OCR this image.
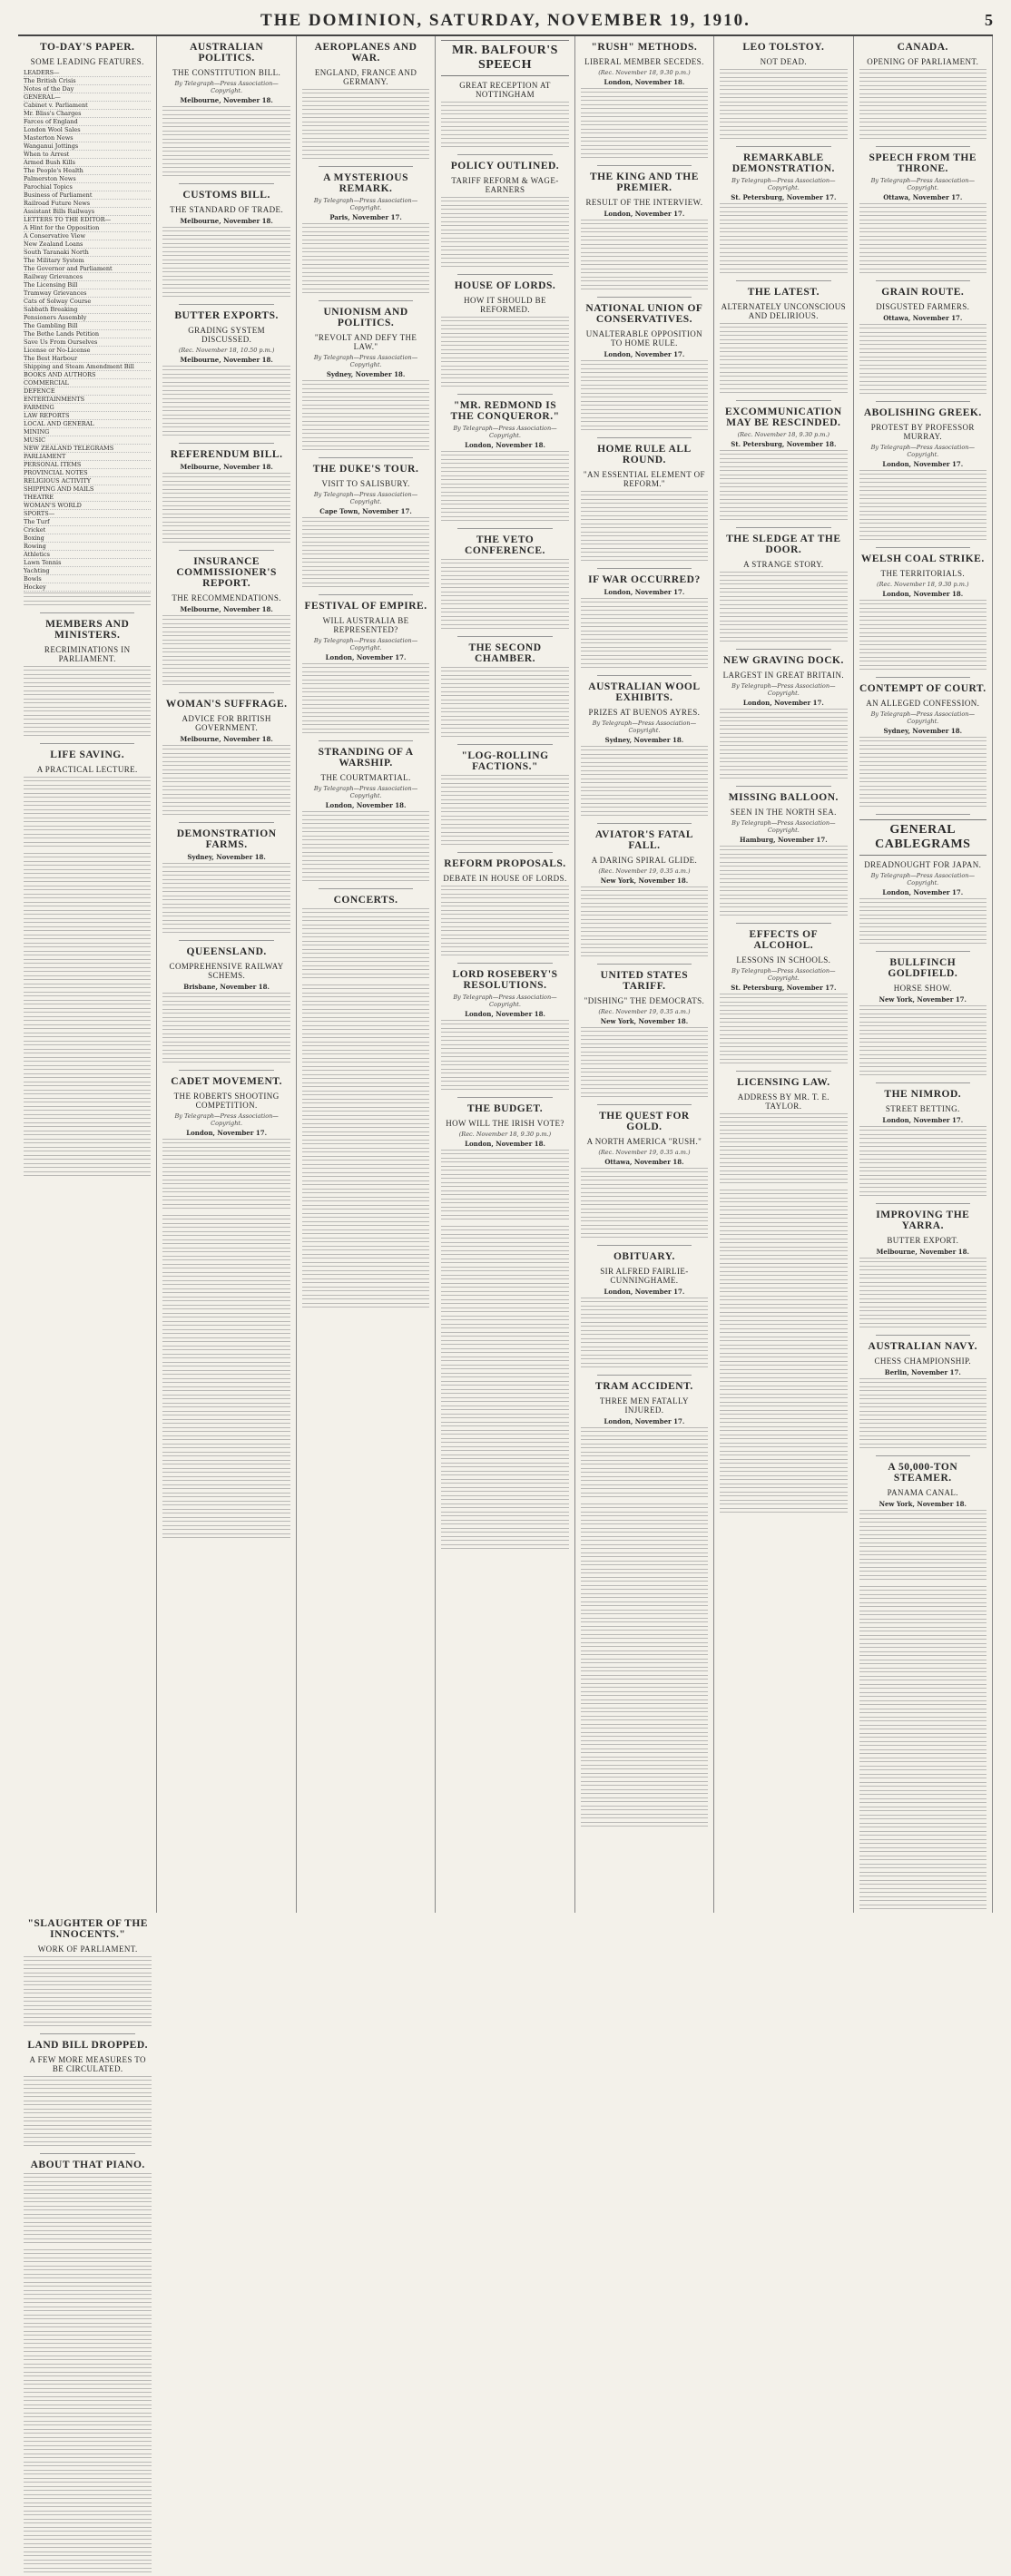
THE DOMINION, SATURDAY, NOVEMBER 19, 1910.	5
TO-DAY'S PAPER.
SOME LEADING FEATURES.
LEADERS—
The British Crisis
Notes of the Day
GENERAL—
Cabinet v. Parliament
Mr. Bliss's Charges
Farces of England
London Wool Sales
Masterton News
Wanganui Jottings
When to Arrest
Armed Bush Kills
The People's Health
Palmerston News
Parochial Topics
Business of Parliament
Railroad Future News
Assistant Bills Railways
LETTERS TO THE EDITOR—
A Hint for the Opposition
A Conservative View
New Zealand Loans
South Taranaki North
The Military System
The Governor and Parliament
Railway Grievances
The Licensing Bill
Tramway Grievances
Cats of Solway Course
Sabbath Breaking
Pensioners Assembly
The Gambling Bill
The Bethe Lands Petition
Save Us From Ourselves
License or No-License
The Best Harbour
Shipping and Steam Amendment Bill
BOOKS AND AUTHORS
COMMERCIAL
DEFENCE
ENTERTAINMENTS
FARMING
LAW REPORTS
LOCAL AND GENERAL
MINING
MUSIC
NEW ZEALAND TELEGRAMS
PARLIAMENT
PERSONAL ITEMS
PROVINCIAL NOTES
RELIGIOUS ACTIVITY
SHIPPING AND MAILS
THEATRE
WOMAN'S WORLD
SPORTS—
The Turf
Cricket
Boxing
Rowing
Athletics
Lawn Tennis
Yachting
Bowls
Hockey
MEMBERS AND MINISTERS.
RECRIMINATIONS IN PARLIAMENT.
LIFE SAVING.
A PRACTICAL LECTURE.
AUSTRALIAN POLITICS.
THE CONSTITUTION BILL.
By Telegraph—Press Association—Copyright.
Melbourne, November 18.
CUSTOMS BILL.
THE STANDARD OF TRADE.
Melbourne, November 18.
BUTTER EXPORTS.
GRADING SYSTEM DISCUSSED.
(Rec. November 18, 10.50 p.m.)
Melbourne, November 18.
REFERENDUM BILL.
Melbourne, November 18.
INSURANCE COMMISSIONER'S REPORT.
THE RECOMMENDATIONS.
Melbourne, November 18.
WOMAN'S SUFFRAGE.
ADVICE FOR BRITISH GOVERNMENT.
Melbourne, November 18.
DEMONSTRATION FARMS.
Sydney, November 18.
QUEENSLAND.
COMPREHENSIVE RAILWAY SCHEMS.
Brisbane, November 18.
CADET MOVEMENT.
THE ROBERTS SHOOTING COMPETITION.
By Telegraph—Press Association—Copyright.
London, November 17.
AEROPLANES AND WAR.
ENGLAND, FRANCE AND GERMANY.
A MYSTERIOUS REMARK.
By Telegraph—Press Association—Copyright.
Paris, November 17.
UNIONISM AND POLITICS.
"REVOLT AND DEFY THE LAW."
By Telegraph—Press Association—Copyright.
Sydney, November 18.
THE DUKE'S TOUR.
VISIT TO SALISBURY.
By Telegraph—Press Association—Copyright.
Cape Town, November 17.
FESTIVAL OF EMPIRE.
WILL AUSTRALIA BE REPRESENTED?
By Telegraph—Press Association—Copyright.
London, November 17.
STRANDING OF A WARSHIP.
THE COURTMARTIAL.
By Telegraph—Press Association—Copyright.
London, November 18.
CONCERTS.
MR. BALFOUR'S SPEECH
GREAT RECEPTION AT NOTTINGHAM
POLICY OUTLINED.
TARIFF REFORM & WAGE-EARNERS
HOUSE OF LORDS.
HOW IT SHOULD BE REFORMED.
"MR. REDMOND IS THE CONQUEROR."
By Telegraph—Press Association—Copyright.
London, November 18.
THE VETO CONFERENCE.
THE SECOND CHAMBER.
"LOG-ROLLING FACTIONS."
REFORM PROPOSALS.
DEBATE IN HOUSE OF LORDS.
LORD ROSEBERY'S RESOLUTIONS.
By Telegraph—Press Association—Copyright.
London, November 18.
THE BUDGET.
HOW WILL THE IRISH VOTE?
(Rec. November 18, 9.30 p.m.)
London, November 18.
"RUSH" METHODS.
LIBERAL MEMBER SECEDES.
(Rec. November 18, 9.30 p.m.)
London, November 18.
THE KING AND THE PREMIER.
RESULT OF THE INTERVIEW.
London, November 17.
NATIONAL UNION OF CONSERVATIVES.
UNALTERABLE OPPOSITION TO HOME RULE.
London, November 17.
HOME RULE ALL ROUND.
"AN ESSENTIAL ELEMENT OF REFORM."
IF WAR OCCURRED?
London, November 17.
AUSTRALIAN WOOL EXHIBITS.
PRIZES AT BUENOS AYRES.
By Telegraph—Press Association—Copyright.
Sydney, November 18.
AVIATOR'S FATAL FALL.
A DARING SPIRAL GLIDE.
(Rec. November 19, 0.35 a.m.)
New York, November 18.
UNITED STATES TARIFF.
"DISHING" THE DEMOCRATS.
(Rec. November 19, 0.35 a.m.)
New York, November 18.
THE QUEST FOR GOLD.
A NORTH AMERICA "RUSH."
(Rec. November 19, 0.35 a.m.)
Ottawa, November 18.
OBITUARY.
SIR ALFRED FAIRLIE-CUNNINGHAME.
London, November 17.
TRAM ACCIDENT.
THREE MEN FATALLY INJURED.
London, November 17.
LEO TOLSTOY.
NOT DEAD.
REMARKABLE DEMONSTRATION.
By Telegraph—Press Association—Copyright.
St. Petersburg, November 17.
THE LATEST.
ALTERNATELY UNCONSCIOUS AND DELIRIOUS.
EXCOMMUNICATION MAY BE RESCINDED.
(Rec. November 18, 9.30 p.m.)
St. Petersburg, November 18.
THE SLEDGE AT THE DOOR.
A STRANGE STORY.
NEW GRAVING DOCK.
LARGEST IN GREAT BRITAIN.
By Telegraph—Press Association—Copyright.
London, November 17.
MISSING BALLOON.
SEEN IN THE NORTH SEA.
By Telegraph—Press Association—Copyright.
Hamburg, November 17.
EFFECTS OF ALCOHOL.
LESSONS IN SCHOOLS.
By Telegraph—Press Association—Copyright.
St. Petersburg, November 17.
LICENSING LAW.
ADDRESS BY MR. T. E. TAYLOR.
CANADA.
OPENING OF PARLIAMENT.
SPEECH FROM THE THRONE.
By Telegraph—Press Association—Copyright.
Ottawa, November 17.
GRAIN ROUTE.
DISGUSTED FARMERS.
Ottawa, November 17.
ABOLISHING GREEK.
PROTEST BY PROFESSOR MURRAY.
By Telegraph—Press Association—Copyright.
London, November 17.
WELSH COAL STRIKE.
THE TERRITORIALS.
(Rec. November 18, 9.30 p.m.)
London, November 18.
CONTEMPT OF COURT.
AN ALLEGED CONFESSION.
By Telegraph—Press Association—Copyright.
Sydney, November 18.
GENERAL CABLEGRAMS
DREADNOUGHT FOR JAPAN.
By Telegraph—Press Association—Copyright.
London, November 17.
BULLFINCH GOLDFIELD.
HORSE SHOW.
New York, November 17.
THE NIMROD.
STREET BETTING.
London, November 17.
IMPROVING THE YARRA.
BUTTER EXPORT.
Melbourne, November 18.
AUSTRALIAN NAVY.
CHESS CHAMPIONSHIP.
Berlin, November 17.
A 50,000-TON STEAMER.
PANAMA CANAL.
New York, November 18.
"SLAUGHTER OF THE INNOCENTS."
WORK OF PARLIAMENT.
LAND BILL DROPPED.
A FEW MORE MEASURES TO BE CIRCULATED.
ABOUT THAT PIANO.
